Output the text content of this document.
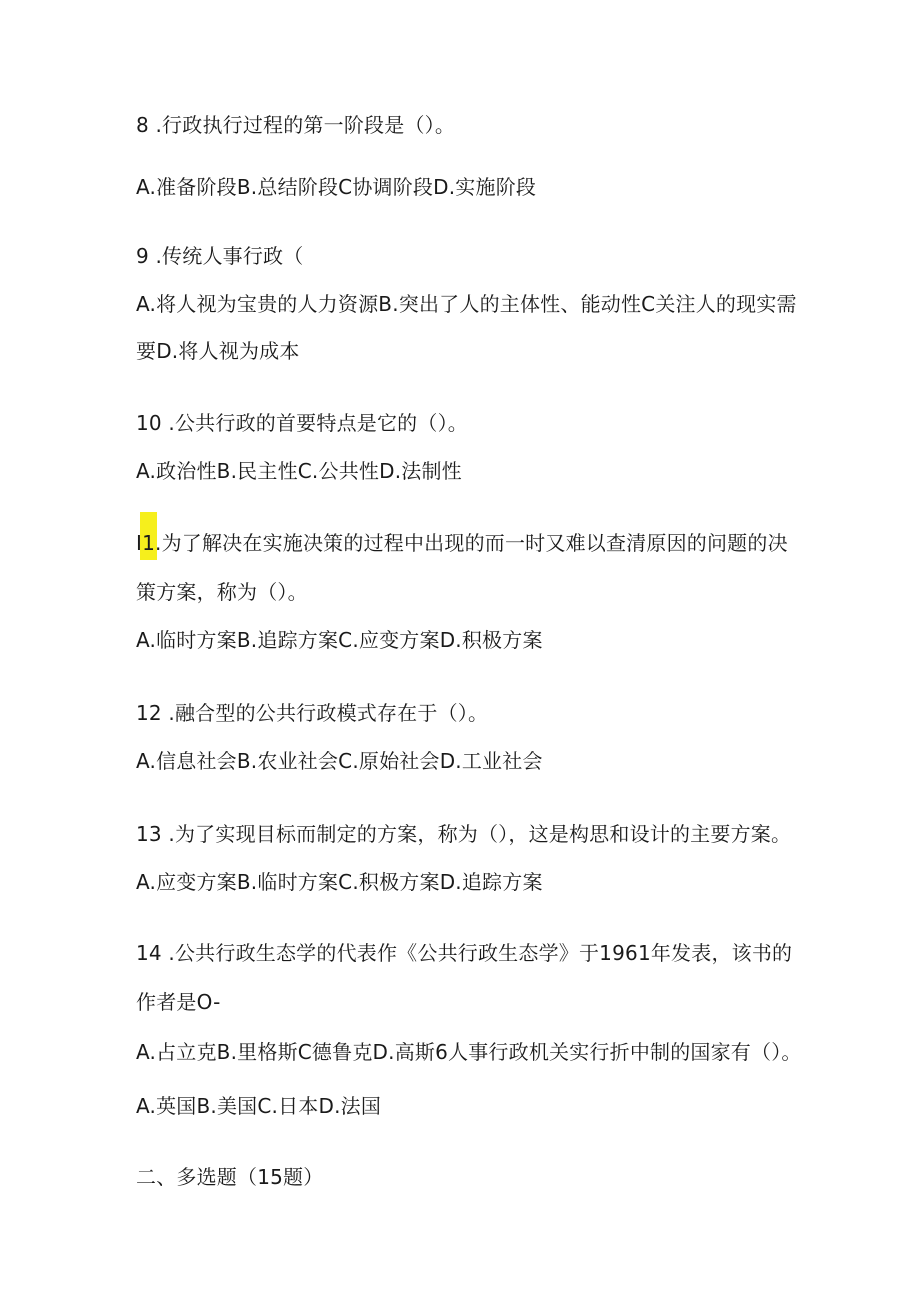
8 .行政执行过程的第一阶段是（）。
A.准备阶段B.总结阶段C协调阶段D.实施阶段
9 .传统人事行政（
A.将人视为宝贵的人力资源B.突出了人的主体性、能动性C关注人的现实需
要D.将人视为成本
10 .公共行政的首要特点是它的（）。
A.政治性B.民主性C.公共性D.法制性
I1.为了解决在实施决策的过程中出现的而一时又难以查清原因的问题的决
策方案，称为（）。
A.临时方案B.追踪方案C.应变方案D.积极方案
12 .融合型的公共行政模式存在于（）。
A.信息社会B.农业社会C.原始社会D.工业社会
13 .为了实现目标而制定的方案，称为（），这是构思和设计的主要方案。
A.应变方案B.临时方案C.积极方案D.追踪方案
14 .公共行政生态学的代表作《公共行政生态学》于1961年发表，该书的
作者是O-
A.占立克B.里格斯C德鲁克D.高斯6人事行政机关实行折中制的国家有（）。
A.英国B.美国C.日本D.法国
二、多选题（15题）
